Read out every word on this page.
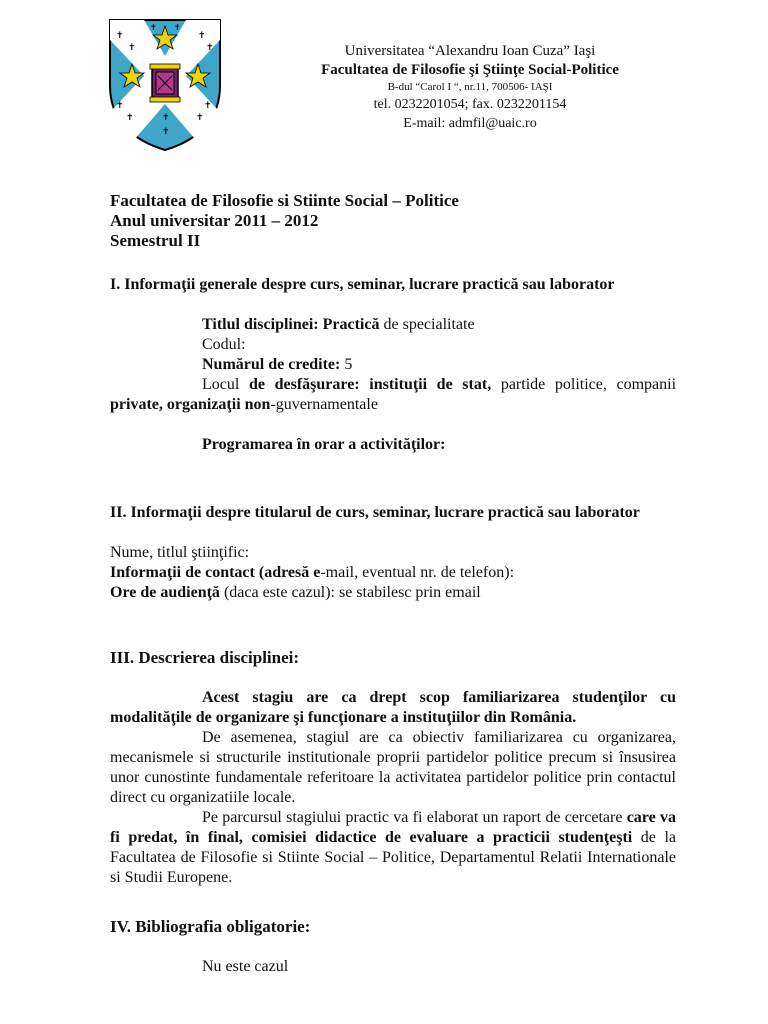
✝
✝
✝
✝
✝
✝
✝
✝
✝
✝
✝ ✝
Universitatea “Alexandru Ioan Cuza” Iaşi
Facultatea de Filosofie şi Ştiinţe Social-Politice
B-dul “Carol I “, nr.11, 700506- IAŞI
tel. 0232201054; fax. 0232201154
E-mail: admfil@uaic.ro
Facultatea de Filosofie si Stiinte Social – Politice
Anul universitar 2011 – 2012
Semestrul II
I. Informaţii generale despre curs, seminar, lucrare practică sau laborator
Titlul disciplinei: Practică de specialitate
Codul:
Numărul de credite: 5
Locul de desfăşurare: instituţii de stat, partide politice, companii private, organizaţii non-guvernamentale
Programarea în orar a activităţilor:
II. Informaţii despre titularul de curs, seminar, lucrare practică sau laborator
Nume, titlul ştiinţific:
Informaţii de contact (adresă e-mail, eventual nr. de telefon):
Ore de audienţă (daca este cazul): se stabilesc prin email
III. Descrierea disciplinei:
Acest stagiu are ca drept scop familiarizarea studenţilor cu modalităţile de organizare şi funcţionare a instituţiilor din România.
De asemenea, stagiul are ca obiectiv familiarizarea cu organizarea, mecanismele si structurile institutionale proprii partidelor politice precum si însusirea unor cunostinte fundamentale referitoare la activitatea partidelor politice prin contactul direct cu organizatiile locale.
Pe parcursul stagiului practic va fi elaborat un raport de cercetare care va fi predat, în final, comisiei didactice de evaluare a practicii studenţeşti de la Facultatea de Filosofie si Stiinte Social – Politice, Departamentul Relatii Internationale si Studii Europene.
IV. Bibliografia obligatorie:
Nu este cazul
